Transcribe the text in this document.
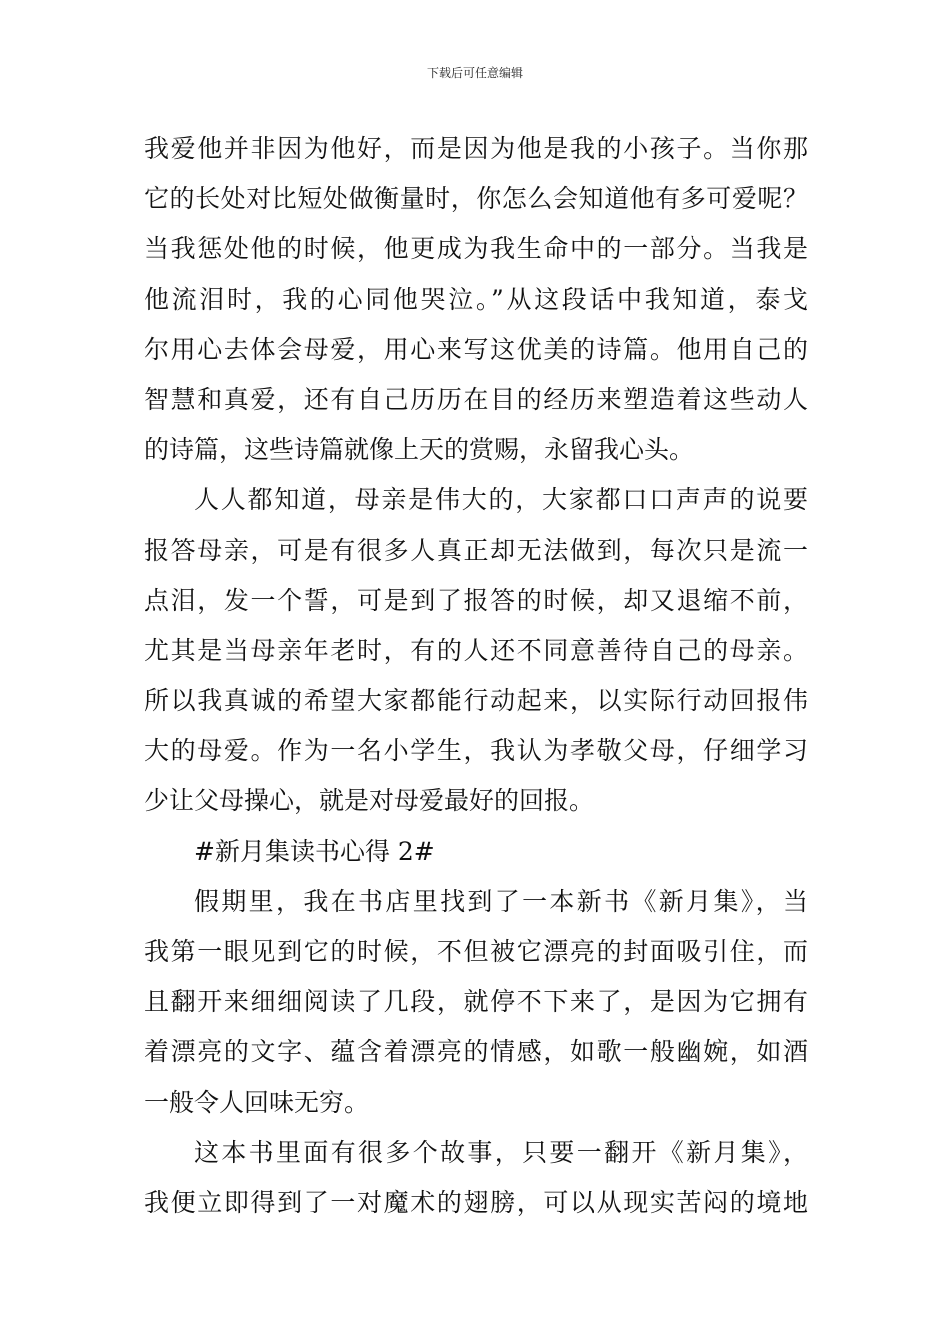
下载后可任意编辑
我爱他并非因为他好，而是因为他是我的小孩子。当你那
它的长处对比短处做衡量时，你怎么会知道他有多可爱呢？
当我惩处他的时候，他更成为我生命中的一部分。当我是
他流泪时，我的心同他哭泣。”从这段话中我知道，泰戈
尔用心去体会母爱，用心来写这优美的诗篇。他用自己的
智慧和真爱，还有自己历历在目的经历来塑造着这些动人
的诗篇，这些诗篇就像上天的赏赐，永留我心头。
人人都知道，母亲是伟大的，大家都口口声声的说要
报答母亲，可是有很多人真正却无法做到，每次只是流一
点泪，发一个誓，可是到了报答的时候，却又退缩不前，
尤其是当母亲年老时，有的人还不同意善待自己的母亲。
所以我真诚的希望大家都能行动起来，以实际行动回报伟
大的母爱。作为一名小学生，我认为孝敬父母，仔细学习
少让父母操心，就是对母爱最好的回报。
#新月集读书心得 2#
假期里，我在书店里找到了一本新书《新月集》，当
我第一眼见到它的时候，不但被它漂亮的封面吸引住，而
且翻开来细细阅读了几段，就停不下来了，是因为它拥有
着漂亮的文字、蕴含着漂亮的情感，如歌一般幽婉，如酒
一般令人回味无穷。
这本书里面有很多个故事，只要一翻开《新月集》，
我便立即得到了一对魔术的翅膀，可以从现实苦闷的境地
